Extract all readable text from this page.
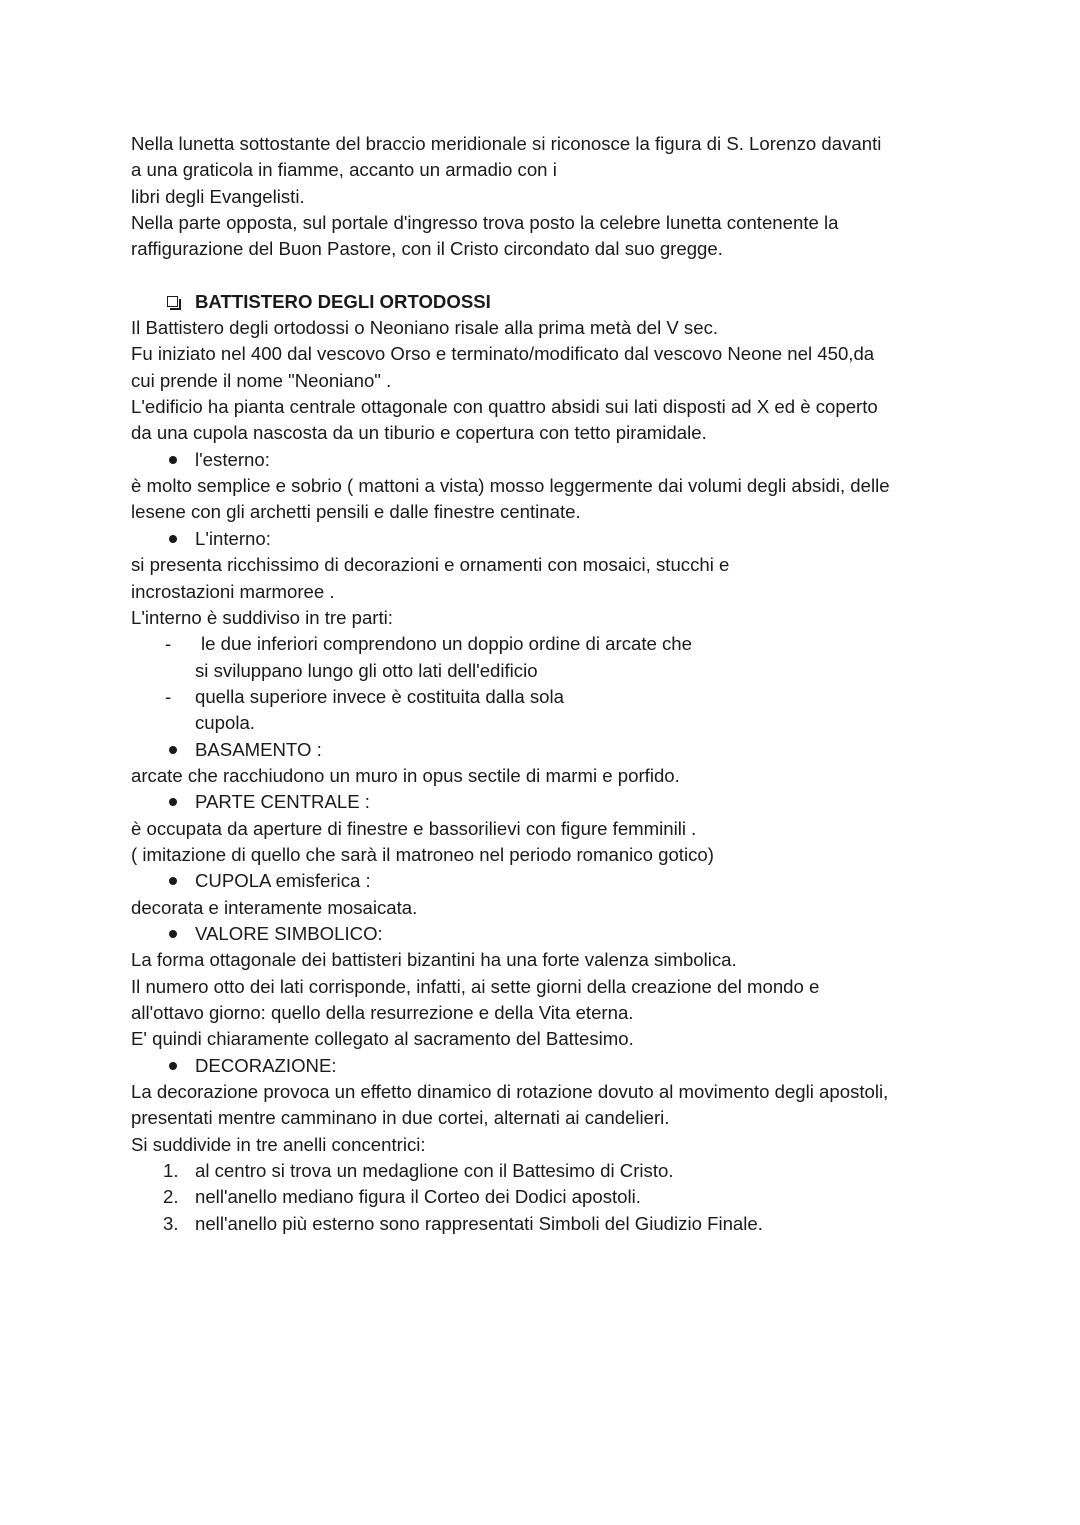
Nella lunetta sottostante del braccio meridionale si riconosce la figura di S. Lorenzo davanti
a una graticola in fiamme, accanto un armadio con i
libri degli Evangelisti.
Nella parte opposta, sul portale d'ingresso trova posto la celebre lunetta contenente la
raffigurazione del Buon Pastore, con il Cristo circondato dal suo gregge.
BATTISTERO DEGLI ORTODOSSI
Il Battistero degli ortodossi o Neoniano risale alla prima metà del V sec.
Fu iniziato nel 400 dal vescovo Orso e terminato/modificato dal vescovo Neone nel 450,da
cui prende il nome "Neoniano" .
L'edificio ha pianta centrale ottagonale con quattro absidi sui lati disposti ad X ed è coperto
da una cupola nascosta da un tiburio e copertura con tetto piramidale.
l'esterno:
è molto semplice e sobrio ( mattoni a vista) mosso leggermente dai volumi degli absidi, delle
lesene con gli archetti pensili e dalle finestre centinate.
L'interno:
si presenta ricchissimo di decorazioni e ornamenti con mosaici, stucchi e
incrostazioni marmoree .
L'interno è suddiviso in tre parti:
-	le due inferiori comprendono un doppio ordine di arcate che
si sviluppano lungo gli otto lati dell'edificio
- quella superiore invece è costituita dalla sola
cupola.
BASAMENTO :
arcate che racchiudono un muro in opus sectile di marmi e porfido.
PARTE CENTRALE :
è occupata da aperture di finestre e bassorilievi con figure femminili .
( imitazione di quello che sarà il matroneo nel periodo romanico gotico)
CUPOLA emisferica :
decorata e interamente mosaicata.
VALORE SIMBOLICO:
La forma ottagonale dei battisteri bizantini ha una forte valenza simbolica.
Il numero otto dei lati corrisponde, infatti, ai sette giorni della creazione del mondo e
all'ottavo giorno: quello della resurrezione e della Vita eterna.
E' quindi chiaramente collegato al sacramento del Battesimo.
DECORAZIONE:
La decorazione provoca un effetto dinamico di rotazione dovuto al movimento degli apostoli,
presentati mentre camminano in due cortei, alternati ai candelieri.
Si suddivide in tre anelli concentrici:
1. al centro si trova un medaglione con il Battesimo di Cristo.
2. nell'anello mediano figura il Corteo dei Dodici apostoli.
3. nell'anello più esterno sono rappresentati Simboli del Giudizio Finale.
